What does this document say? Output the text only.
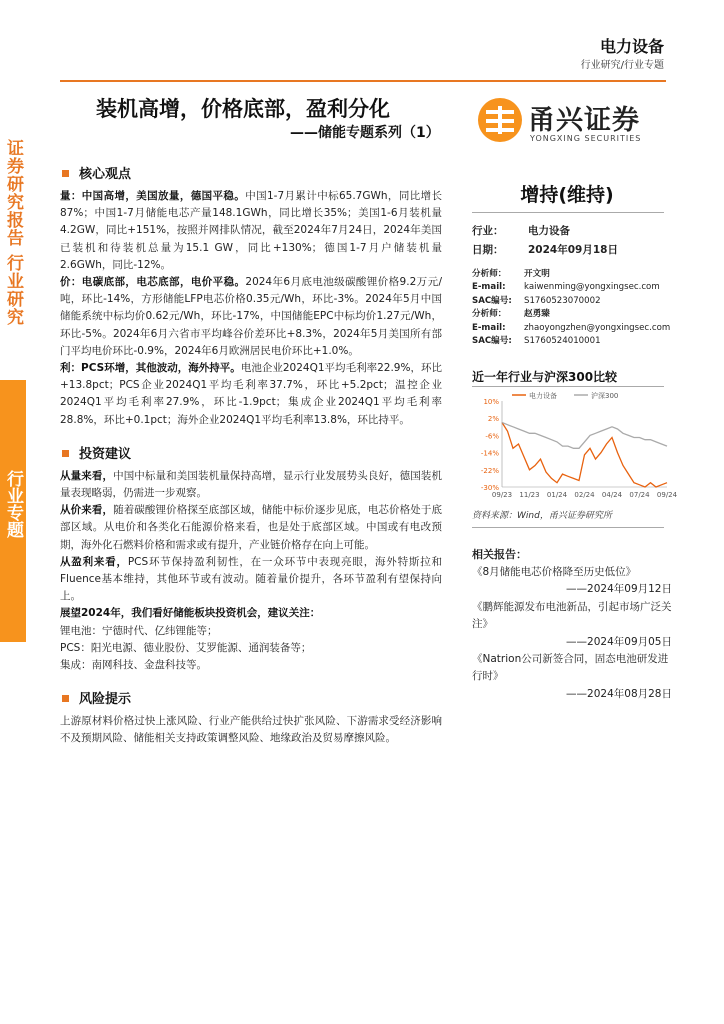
证券研究报告 行业研究
行业专题
电力设备
行业研究/行业专题
装机高增，价格底部，盈利分化
——储能专题系列（1）	甬兴证券
YONGXING SECURITIES
核心观点

量：中国高增，美国放量，德国平稳。中国1-7月累计中标65.7GWh，同比增长87%；中国1-7月储能电芯产量148.1GWh，同比增长35%；美国1-6月装机量4.2GW，同比+151%，按照并网排队情况，截至2024年7月24日，2024年美国已装机和待装机总量为15.1 GW，同比+130%；德国1-7月户储装机量2.6GWh，同比-12%。

价：电碳底部，电芯底部，电价平稳。2024年6月底电池级碳酸锂价格9.2万元/吨，环比-14%，方形储能LFP电芯价格0.35元/Wh，环比-3%。2024年5月中国储能系统中标均价0.62元/Wh，环比-17%，中国储能EPC中标均价1.27元/Wh，环比-5%。2024年6月六省市平均峰谷价差环比+8.3%，2024年5月美国所有部门平均电价环比-0.9%，2024年6月欧洲居民电价环比+1.0%。

利：PCS环增，其他波动，海外持平。电池企业2024Q1平均毛利率22.9%，环比+13.8pct；PCS企业2024Q1平均毛利率37.7%，环比+5.2pct；温控企业2024Q1平均毛利率27.9%，环比-1.9pct；集成企业2024Q1平均毛利率28.8%，环比+0.1pct；海外企业2024Q1平均毛利率13.8%，环比持平。

投资建议

从量来看，中国中标量和美国装机量保持高增，显示行业发展势头良好，德国装机量表现略弱，仍需进一步观察。

从价来看，随着碳酸锂价格探至底部区域，储能中标价逐步见底，电芯价格处于底部区域。从电价和各类化石能源价格来看，也是处于底部区域。中国或有电改预期，海外化石燃料价格和需求或有提升，产业链价格存在向上可能。

从盈利来看，PCS环节保持盈利韧性，在一众环节中表现亮眼，海外特斯拉和Fluence基本维持，其他环节或有波动。随着量价提升，各环节盈利有望保持向上。

展望2024年，我们看好储能板块投资机会，建议关注：

锂电池：宁德时代、亿纬锂能等；

PCS：阳光电源、德业股份、艾罗能源、通润装备等；

集成：南网科技、金盘科技等。

风险提示

上游原材料价格过快上涨风险、行业产能供给过快扩张风险、下游需求受经济影响不及预期风险、储能相关支持政策调整风险、地缘政治及贸易摩擦风险。

增持(维持)
行业： 电力设备
日期： 2024年09月18日
分析师： 开文明
E-mail: kaiwenming@yongxingsec.com
SAC编号: S1760523070002
分析师： 赵勇臻
E-mail: zhaoyongzhen@yongxingsec.com
SAC编号: S1760524010001
近一年行业与沪深300比较
10%
2%
-6%
-14%
-22%
-30%
09/23 11/23 01/24 02/24 04/24 07/24 09/24
电力设备	沪深300
资料来源：Wind，甬兴证券研究所
相关报告：
《8月储能电芯价格降至历史低位》
——2024年09月12日
《鹏辉能源发布电池新品，引起市场广泛关注》
——2024年09月05日
《Natrion公司新签合同，固态电池研发进行时》
——2024年08月28日
